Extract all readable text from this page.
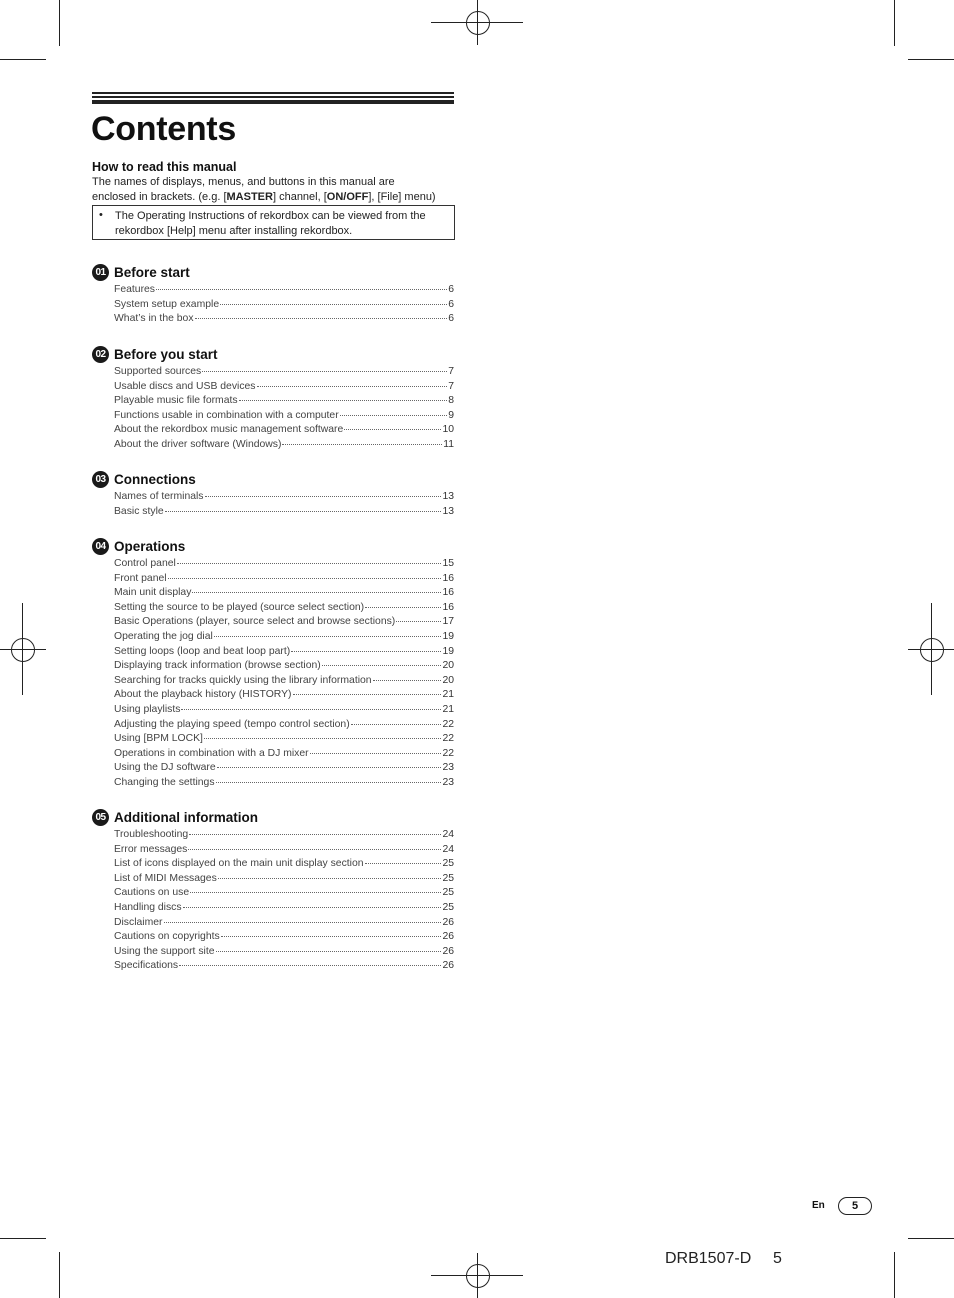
Contents
How to read this manual
The names of displays, menus, and buttons in this manual are
enclosed in brackets. (e.g. [MASTER] channel, [ON/OFF], [File] menu)
• The Operating Instructions of rekordbox can be viewed from the rekordbox [Help] menu after installing rekordbox.
01 Before start
Features	6
System setup example	6
What’s in the box	6
02 Before you start
Supported sources	7
Usable discs and USB devices	7
Playable music file formats	8
Functions usable in combination with a computer	9
About the rekordbox music management software	10
About the driver software (Windows)	11
03 Connections
Names of terminals	13
Basic style	13
04 Operations
Control panel	15
Front panel	16
Main unit display	16
Setting the source to be played (source select section)	16
Basic Operations (player, source select and browse sections)	17
Operating the jog dial	19
Setting loops (loop and beat loop part)	19
Displaying track information (browse section)	20
Searching for tracks quickly using the library information	20
About the playback history (HISTORY)	21
Using playlists	21
Adjusting the playing speed (tempo control section)	22
Using [BPM LOCK]	22
Operations in combination with a DJ mixer	22
Using the DJ software	23
Changing the settings	23
05 Additional information
Troubleshooting	24
Error messages	24
List of icons displayed on the main unit display section	25
List of MIDI Messages	25
Cautions on use	25
Handling discs	25
Disclaimer	26
Cautions on copyrights	26
Using the support site	26
Specifications	26
En	5
DRB1507-D 5
